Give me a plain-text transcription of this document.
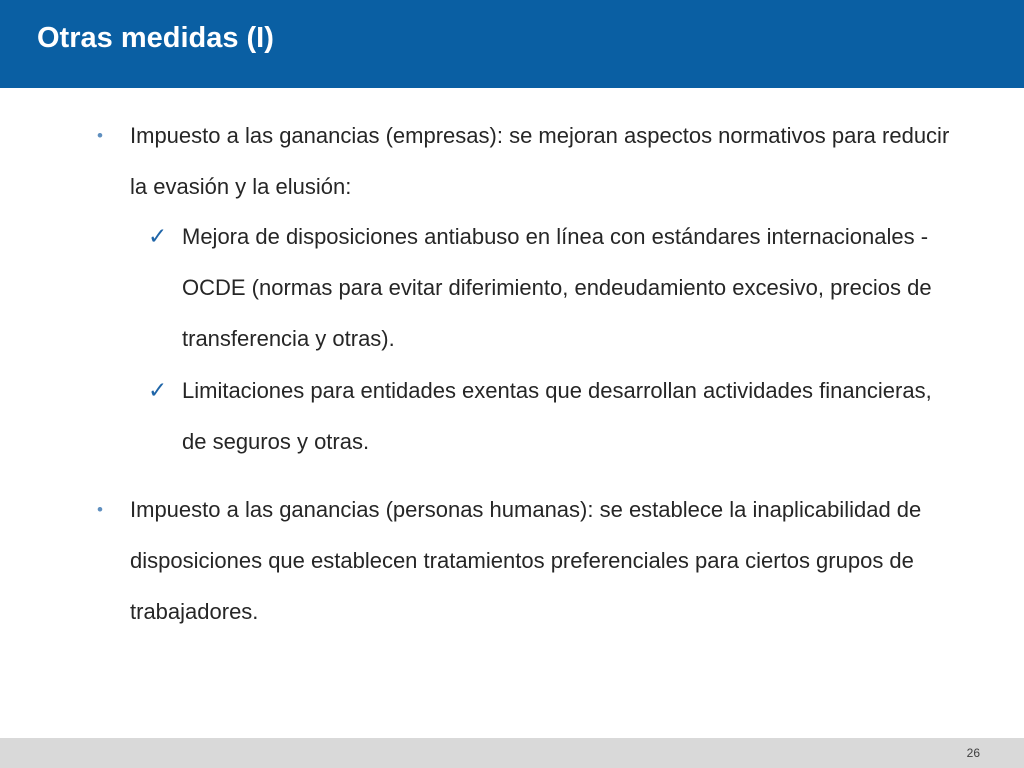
Otras medidas (I)
• Impuesto a las ganancias (empresas): se mejoran aspectos normativos para reducir la evasión y la elusión:
✓ Mejora de disposiciones antiabuso en línea con estándares internacionales - OCDE (normas para evitar diferimiento, endeudamiento excesivo, precios de transferencia y otras).
✓ Limitaciones para entidades exentas que desarrollan actividades financieras, de seguros y otras.
• Impuesto a las ganancias (personas humanas): se establece la inaplicabilidad de disposiciones que establecen tratamientos preferenciales para ciertos grupos de trabajadores.
26
